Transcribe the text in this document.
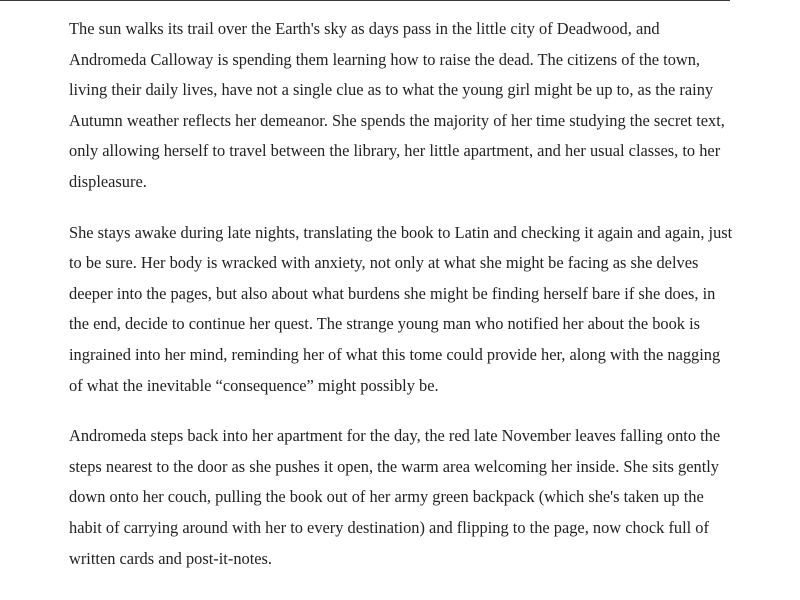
The sun walks its trail over the Earth's sky as days pass in the little city of Deadwood, and Andromeda Calloway is spending them learning how to raise the dead. The citizens of the town, living their daily lives, have not a single clue as to what the young girl might be up to, as the rainy Autumn weather reflects her demeanor. She spends the majority of her time studying the secret text, only allowing herself to travel between the library, her little apartment, and her usual classes, to her displeasure.

She stays awake during late nights, translating the book to Latin and checking it again and again, just to be sure. Her body is wracked with anxiety, not only at what she might be facing as she delves deeper into the pages, but also about what burdens she might be finding herself bare if she does, in the end, decide to continue her quest. The strange young man who notified her about the book is ingrained into her mind, reminding her of what this tome could provide her, along with the nagging of what the inevitable “consequence” might possibly be.

Andromeda steps back into her apartment for the day, the red late November leaves falling onto the steps nearest to the door as she pushes it open, the warm area welcoming her inside. She sits gently down onto her couch, pulling the book out of her army green backpack (which she's taken up the habit of carrying around with her to every destination) and flipping to the page, now chock full of written cards and post-it-notes.
